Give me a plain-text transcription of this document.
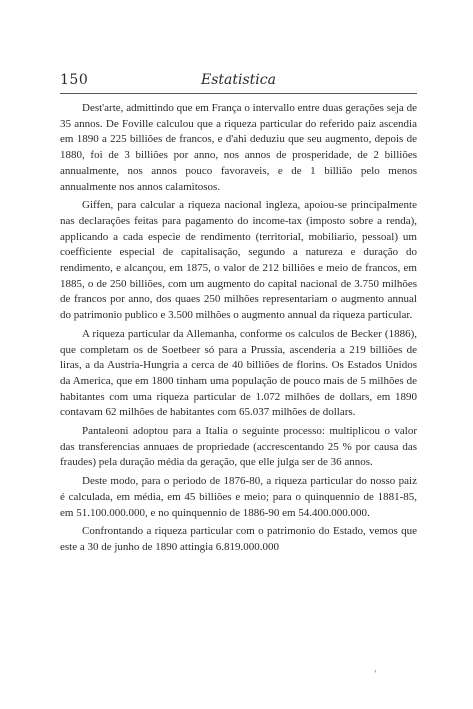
150	Estatistica

Dest'arte, admittindo que em França o intervallo entre duas gerações seja de 35 annos. De Foville calculou que a riqueza particular do referido paiz ascendia em 1890 a 225 billiões de francos, e d'ahi deduziu que seu augmento, depois de 1880, foi de 3 billiões por anno, nos annos de prosperidade, de 2 billiões annualmente, nos annos pouco favoraveis, e de 1 billião pelo menos annualmente nos annos calamitosos.

Giffen, para calcular a riqueza nacional ingleza, apoiou-se principalmente nas declarações feitas para pagamento do income-tax (imposto sobre a renda), applicando a cada especie de rendimento (territorial, mobiliario, pessoal) um coefficiente especial de capitalisação, segundo a natureza e duração do rendimento, e alcançou, em 1875, o valor de 212 billiões e meio de francos, em 1885, o de 250 billiões, com um augmento do capital nacional de 3.750 milhões de francos por anno, dos quaes 250 milhões representariam o augmento annual do patrimonio publico e 3.500 milhões o augmento annual da riqueza particular.

A riqueza particular da Allemanha, conforme os calculos de Becker (1886), que completam os de Soetbeer só para a Prussia, ascenderia a 219 billiões de liras, a da Austria-Hungria a cerca de 40 billiões de florins. Os Estados Unidos da America, que em 1800 tinham uma população de pouco mais de 5 milhões de habitantes com uma riqueza particular de 1.072 milhões de dollars, em 1890 contavam 62 milhões de habitantes com 65.037 milhões de dollars.

Pantaleoni adoptou para a Italia o seguinte processo: multiplicou o valor das transferencias annuaes de propriedade (accrescentando 25 % por causa das fraudes) pela duração média da geração, que elle julga ser de 36 annos.

Deste modo, para o periodo de 1876-80, a riqueza particular do nosso paiz é calculada, em média, em 45 billiões e meio; para o quinquennio de 1881-85, em 51.100.000.000, e no quinquennio de 1886-90 em 54.400.000.000.

Confrontando a riqueza particular com o patrimonio do Estado, vemos que este a 30 de junho de 1890 attingia 6.819.000.000

'
